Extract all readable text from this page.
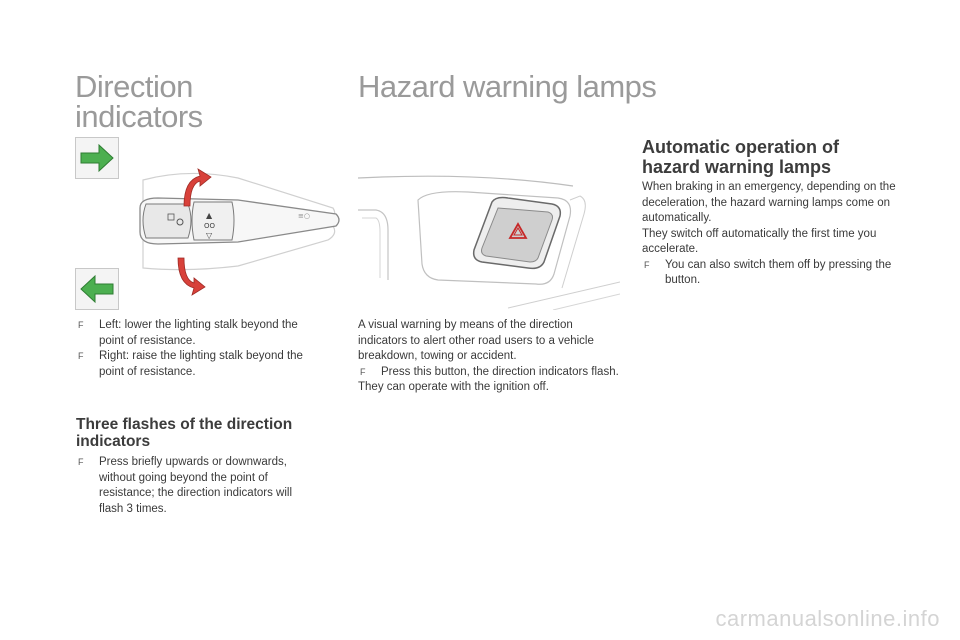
Direction
indicators
Hazard warning lamps
▲
OO
▽
≡○

F Left: lower the lighting stalk beyond the point of resistance.

F Right: raise the lighting stalk beyond the point of resistance.

Three flashes of the direction
indicators

F Press briefly upwards or downwards, without going beyond the point of resistance; the direction indicators will flash 3 times.

A visual warning by means of the direction indicators to alert other road users to a vehicle breakdown, towing or accident.

F Press this button, the direction indicators flash.

They can operate with the ignition off.

Automatic operation of
hazard warning lamps

When braking in an emergency, depending on the deceleration, the hazard warning lamps come on automatically.

They switch off automatically the first time you accelerate.

F You can also switch them off by pressing the button.

carmanualsonline.info
